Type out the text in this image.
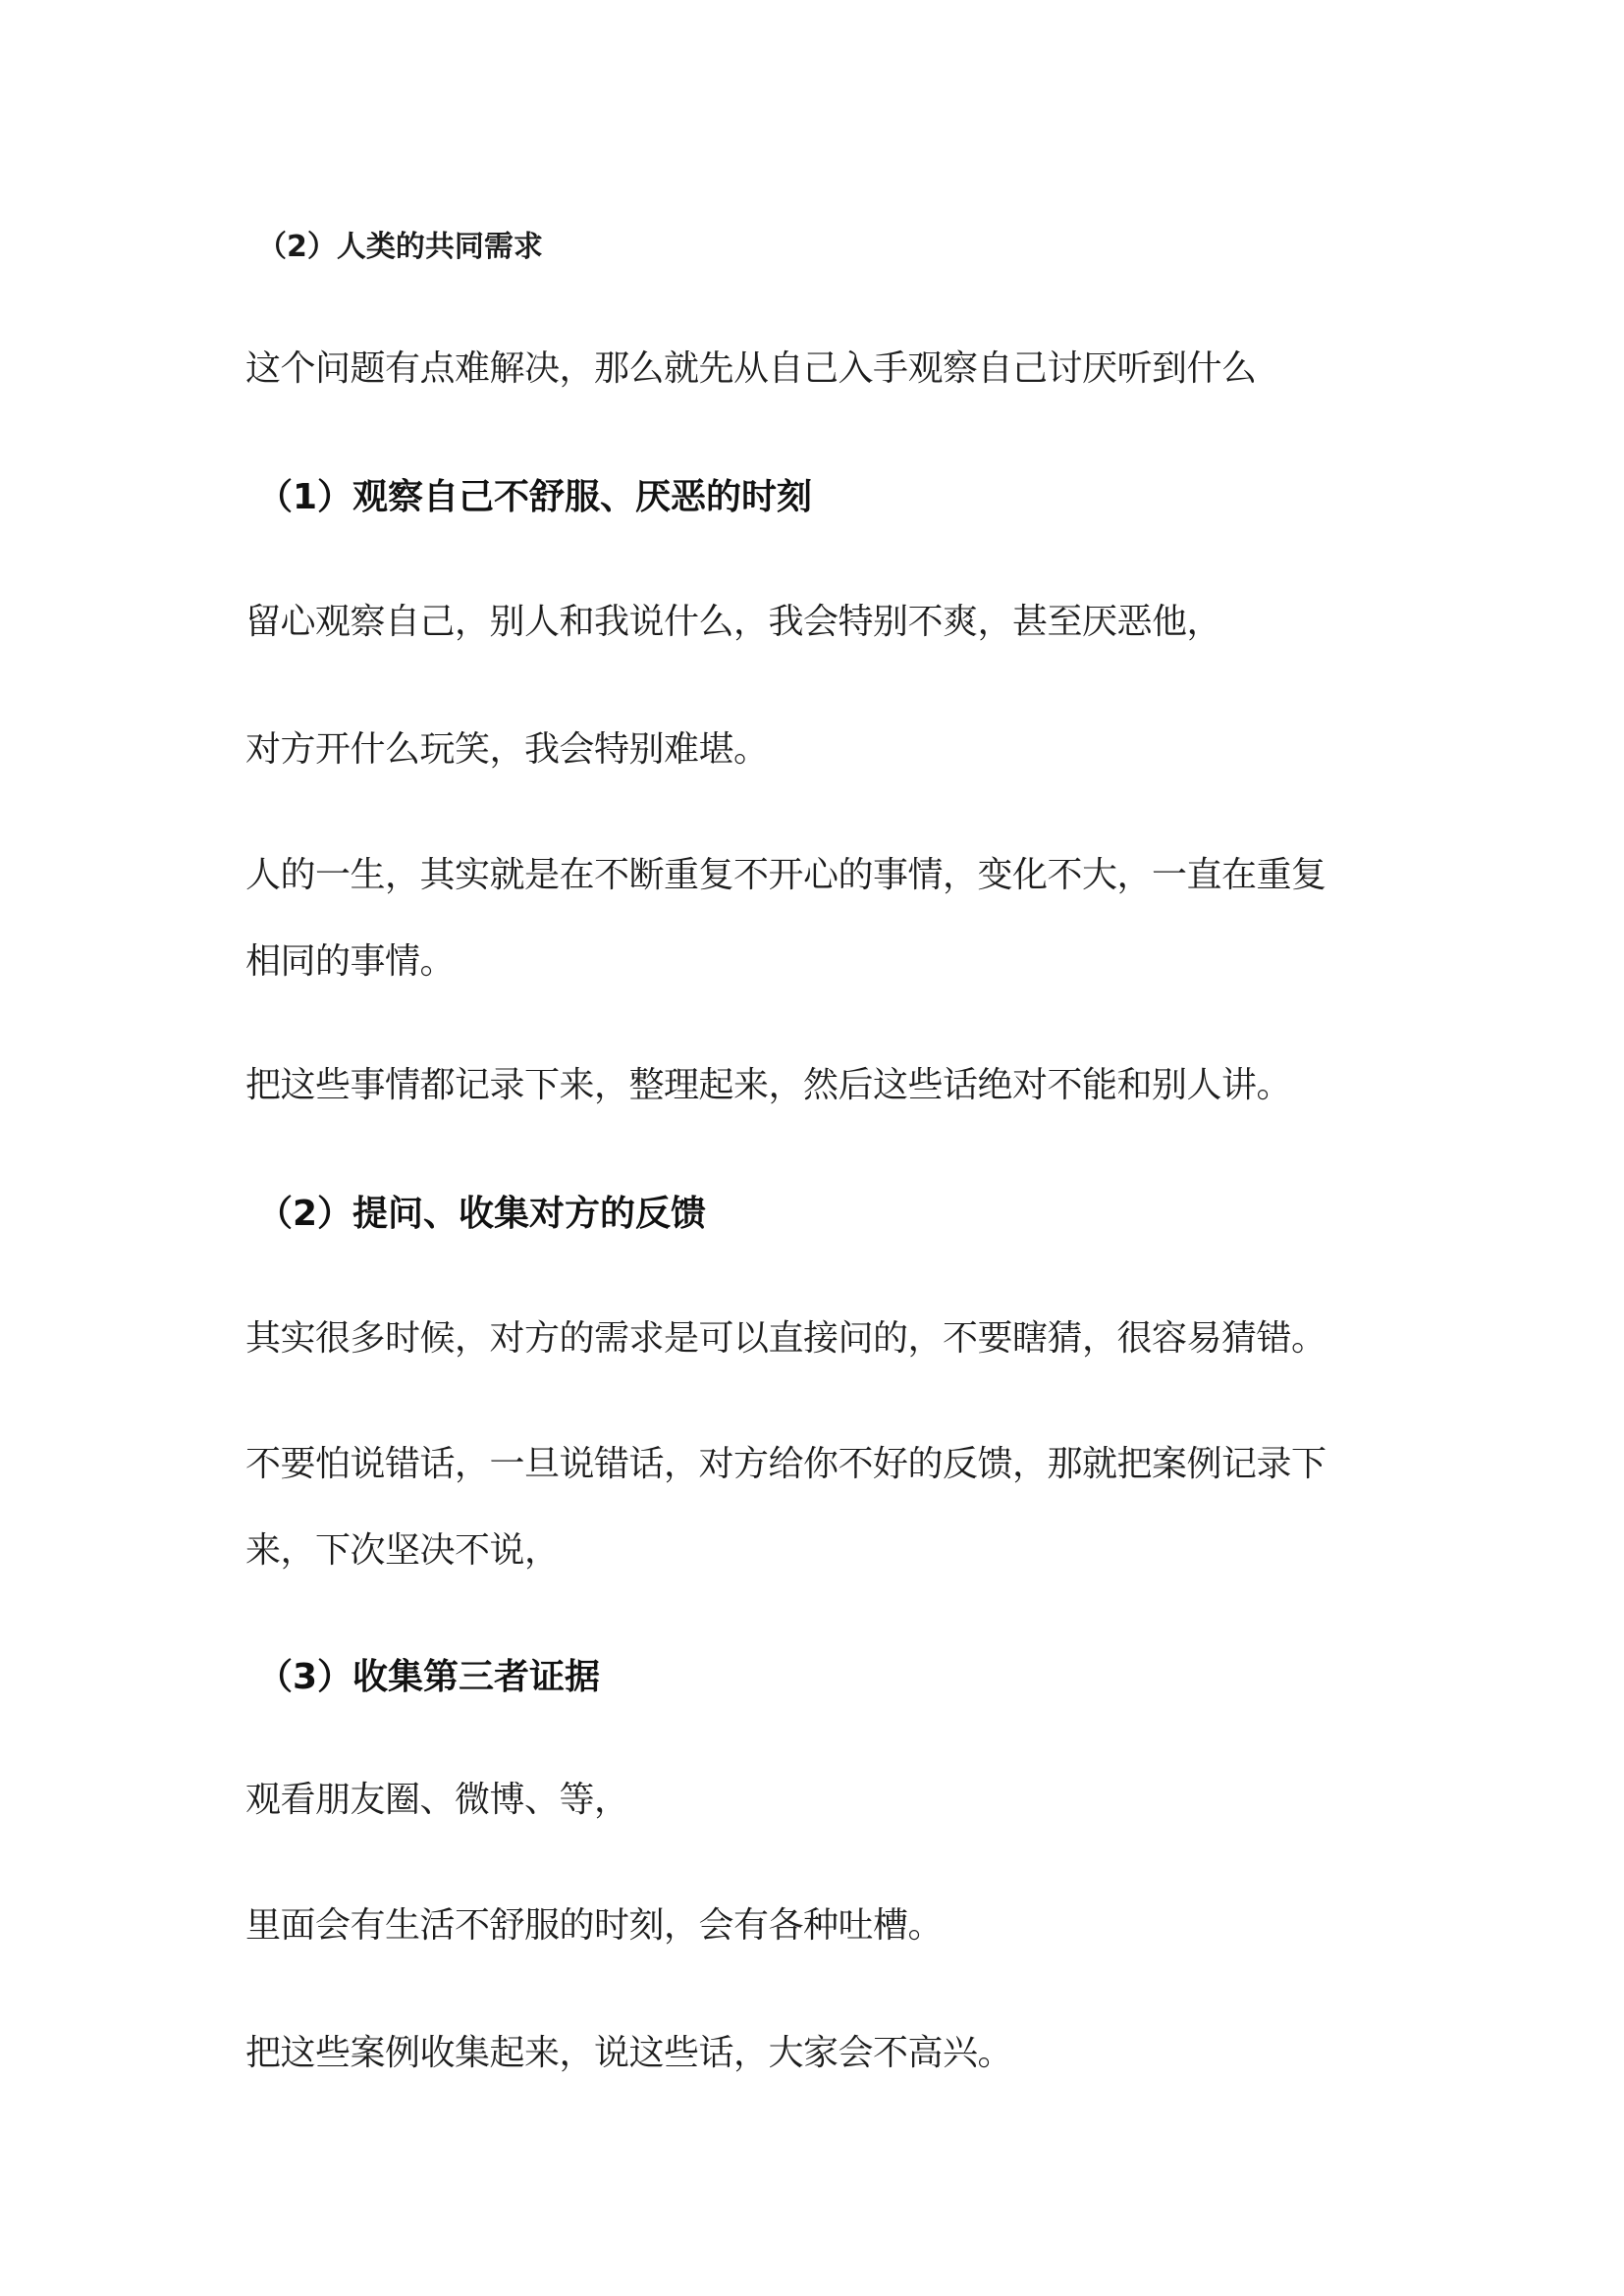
（2）人类的共同需求
这个问题有点难解决，那么就先从自己入手观察自己讨厌听到什么
（1）观察自己不舒服、厌恶的时刻
留心观察自己，别人和我说什么，我会特别不爽，甚至厌恶他，
对方开什么玩笑，我会特别难堪。
人的一生，其实就是在不断重复不开心的事情，变化不大，一直在重复
相同的事情。
把这些事情都记录下来，整理起来，然后这些话绝对不能和别人讲。
（2）提问、收集对方的反馈
其实很多时候，对方的需求是可以直接问的，不要瞎猜，很容易猜错。
不要怕说错话，一旦说错话，对方给你不好的反馈，那就把案例记录下
来，下次坚决不说，
（3）收集第三者证据
观看朋友圈、微博、等，
里面会有生活不舒服的时刻，会有各种吐槽。
把这些案例收集起来，说这些话，大家会不高兴。
